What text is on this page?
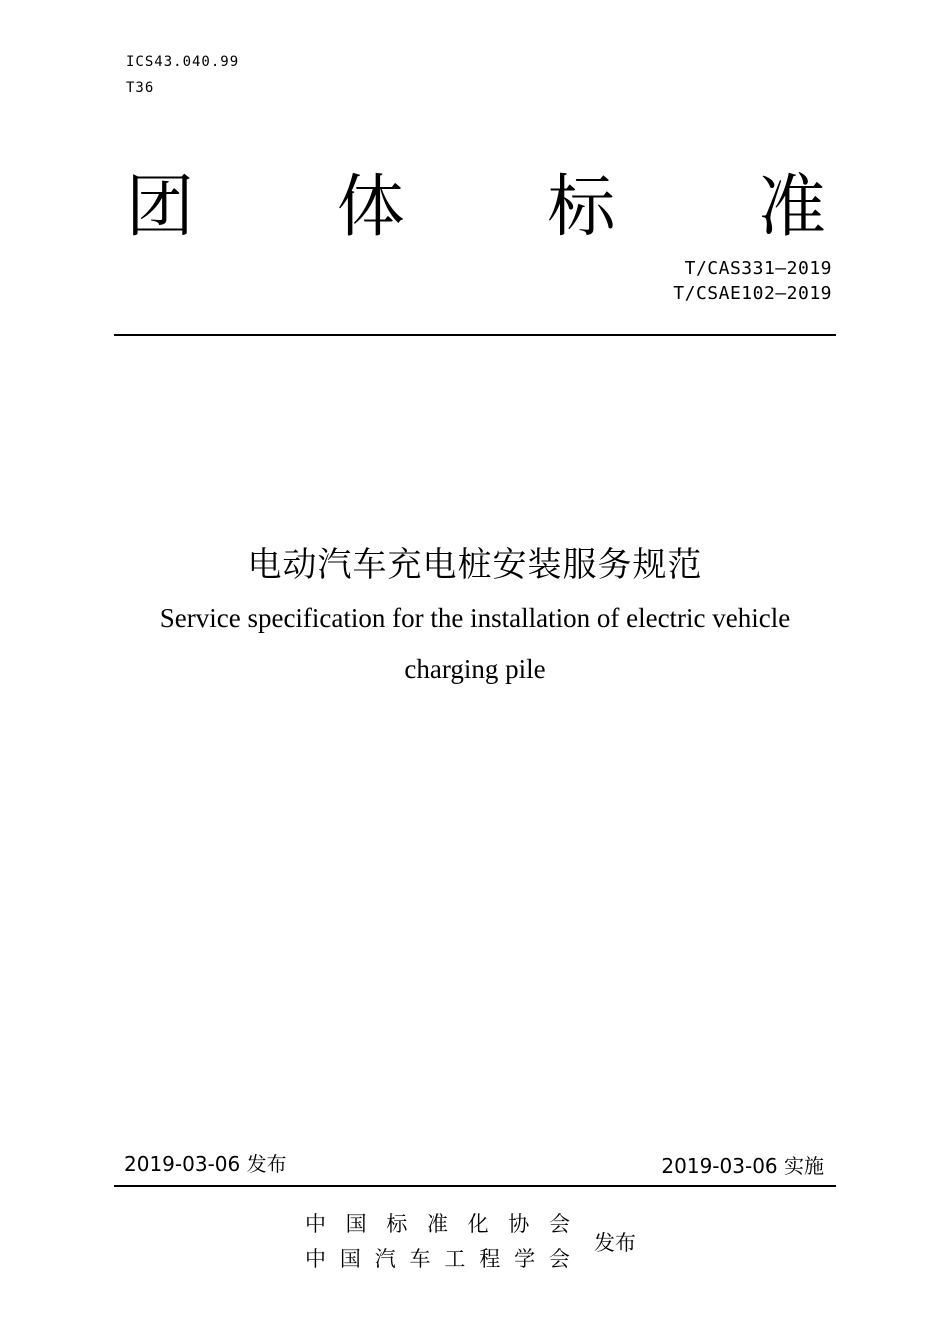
ICS43.040.99
T36
团 体 标 准
T/CAS331—2019
T/CSAE102—2019
电动汽车充电桩安装服务规范
Service specification for the installation of electric vehicle
charging pile
2019-03-06 发布	2019-03-06 实施
中 国 标 准 化 协 会
中 国 汽 车 工 程 学 会
发布
